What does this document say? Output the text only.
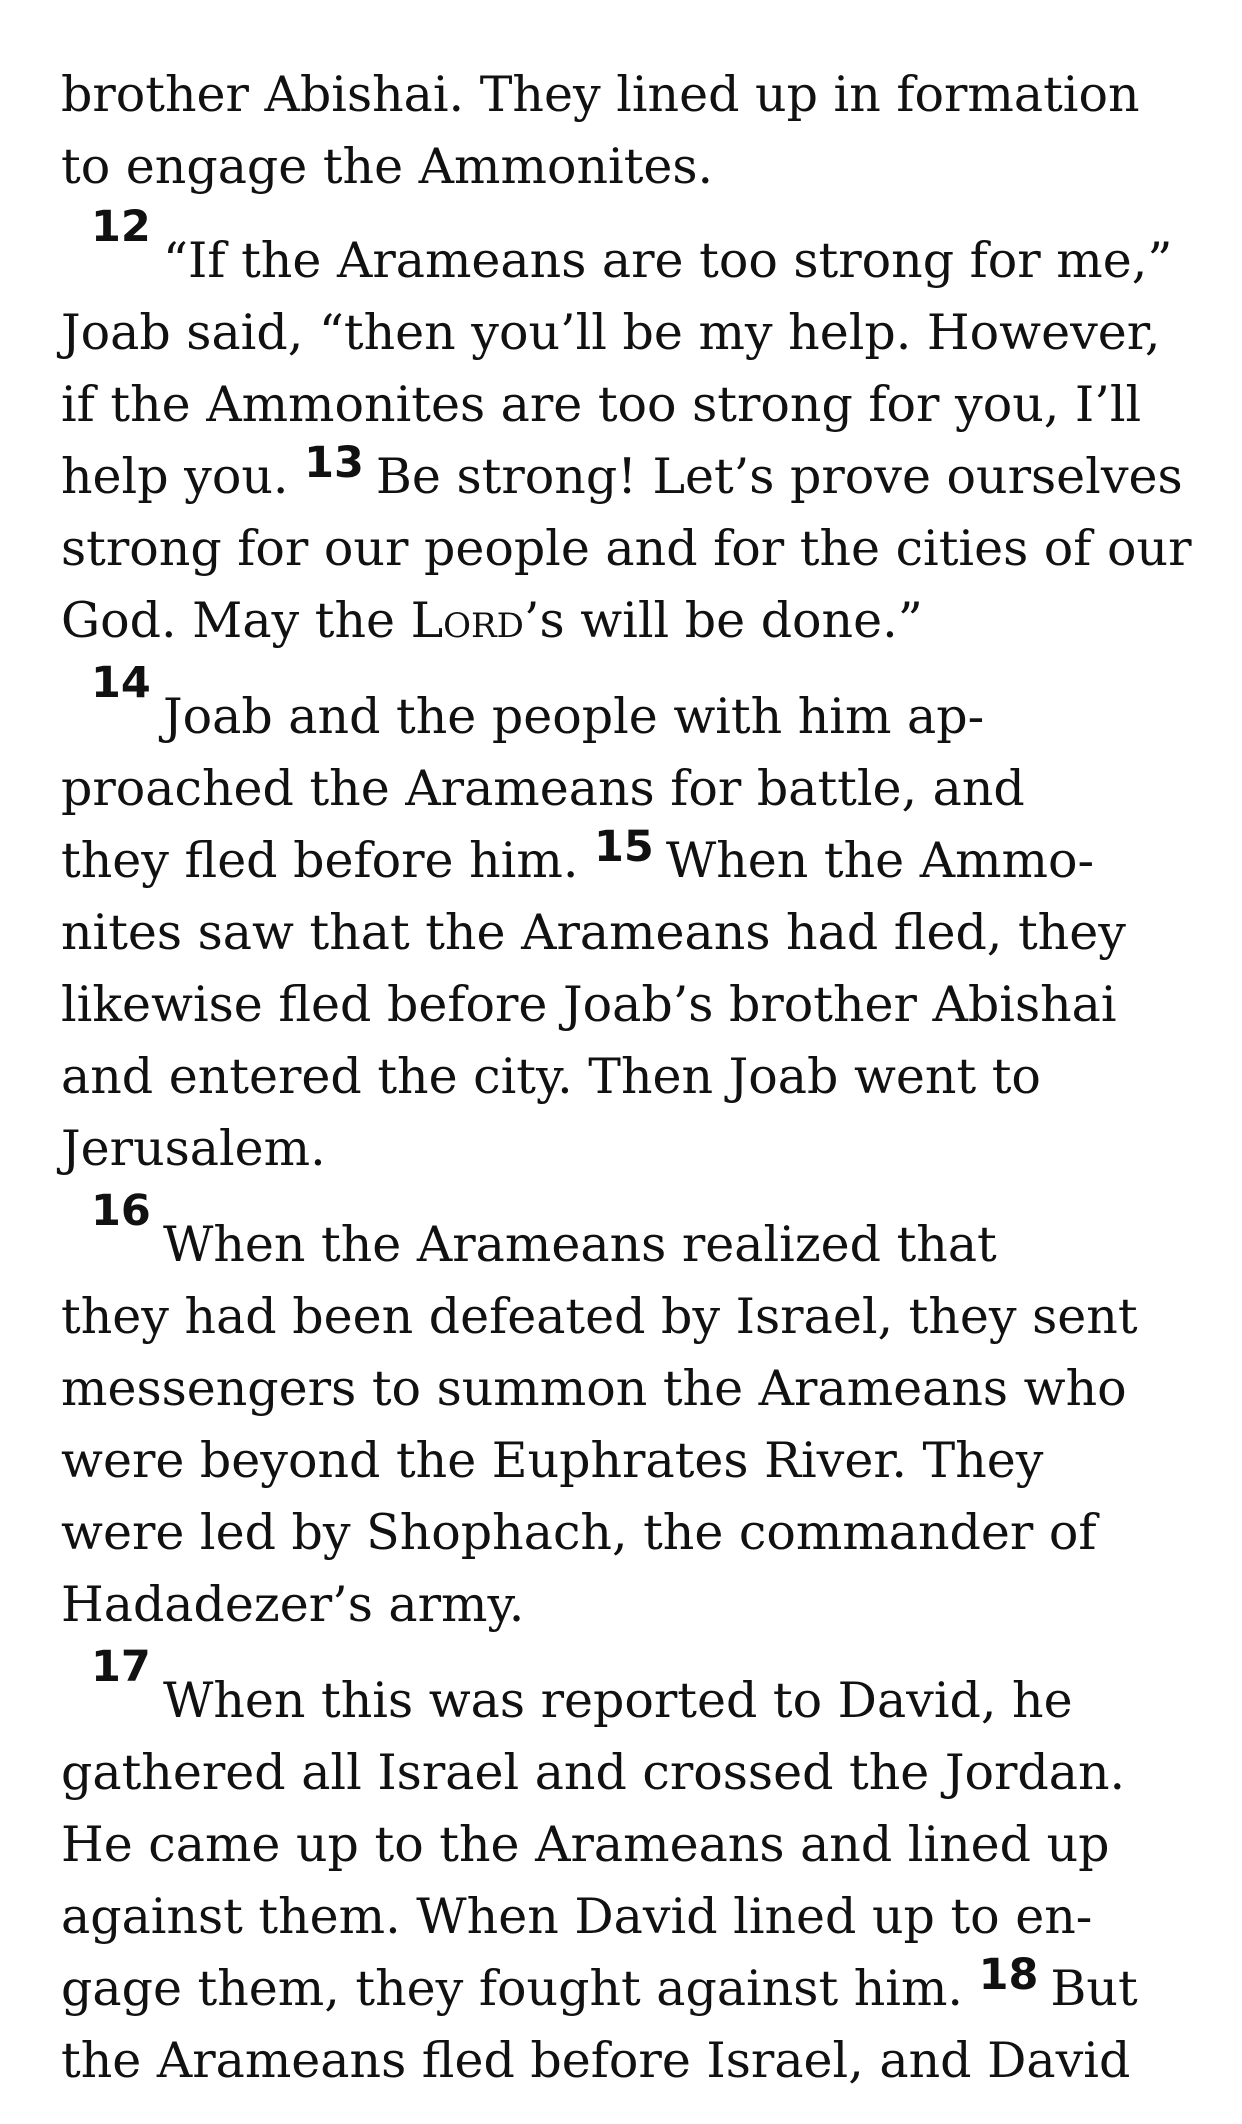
brother Abishai. They lined up in formation
to engage the Ammonites.
12
“If the Arameans are too strong for me,”
Joab said, “then you’ll be my help. However,
if the Ammonites are too strong for you, I’ll
help you. 13 Be strong! Let’s prove ourselves
strong for our people and for the cities of our
God. May the Lord’s will be done.”
14
Joab and the people with him ap-
proached the Arameans for battle, and
they fled before him. 15 When the Ammo-
nites saw that the Arameans had fled, they
likewise fled before Joab’s brother Abishai
and entered the city. Then Joab went to
Jerusalem.
16
When the Arameans realized that
they had been defeated by Israel, they sent
messengers to summon the Arameans who
were beyond the Euphrates River. They
were led by Shophach, the commander of
Hadadezer’s army.
17
When this was reported to David, he
gathered all Israel and crossed the Jordan.
He came up to the Arameans and lined up
against them. When David lined up to en-
gage them, they fought against him. 18 But
the Arameans fled before Israel, and David
